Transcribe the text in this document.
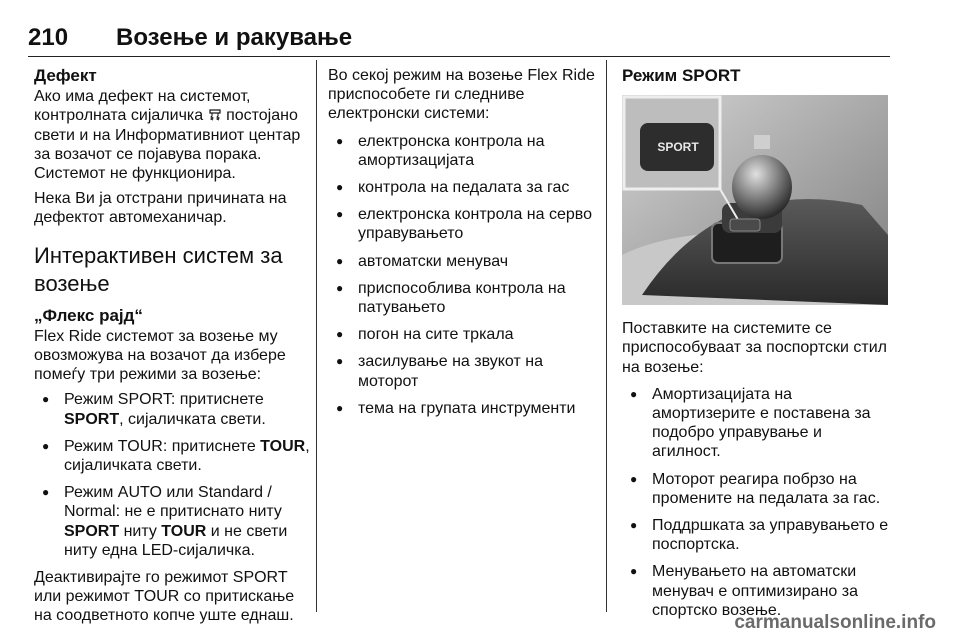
210 Возење и ракување
Дефект

Ако има дефект на системот, контролната сијаличка постојано свети и на Информативниот центар за возачот се појавува порака. Системот не функционира.

Нека Ви ја отстрани причината на дефектот автомеханичар.

Интерактивен систем за возење
„Флекс рајд“

Flex Ride системот за возење му овозможува на возачот да избере помеѓу три режими за возење:

● Режим SPORT: притиснете SPORT, сијаличката свети.
● Режим TOUR: притиснете TOUR, сијаличката свети.
● Режим AUTO или Standard / Normal: не е притиснато ниту SPORT ниту TOUR и не свети ниту една LED-сијаличка.

Деактивирајте го режимот SPORT или режимот TOUR со притискање на соодветното копче уште еднаш.

Во секој режим на возење Flex Ride приспособете ги следниве електронски системи:

● електронска контрола на амортизацијата
● контрола на педалата за гас
● електронска контрола на серво управувањето
● автоматски менувач
● приспособлива контрола на патувањето
● погон на сите тркала
● засилување на звукот на моторот
● тема на групата инструменти
Режим SPORT
SPORT

Поставките на системите се приспособуваат за поспортски стил на возење:

● Амортизацијата на амортизерите е поставена за подобро управување и агилност.
● Моторот реагира побрзо на промените на педалата за гас.
● Поддршката за управувањето е поспортска.
● Менувањето на автоматски менувач е оптимизирано за спортско возење.
carmanualsonline.info
